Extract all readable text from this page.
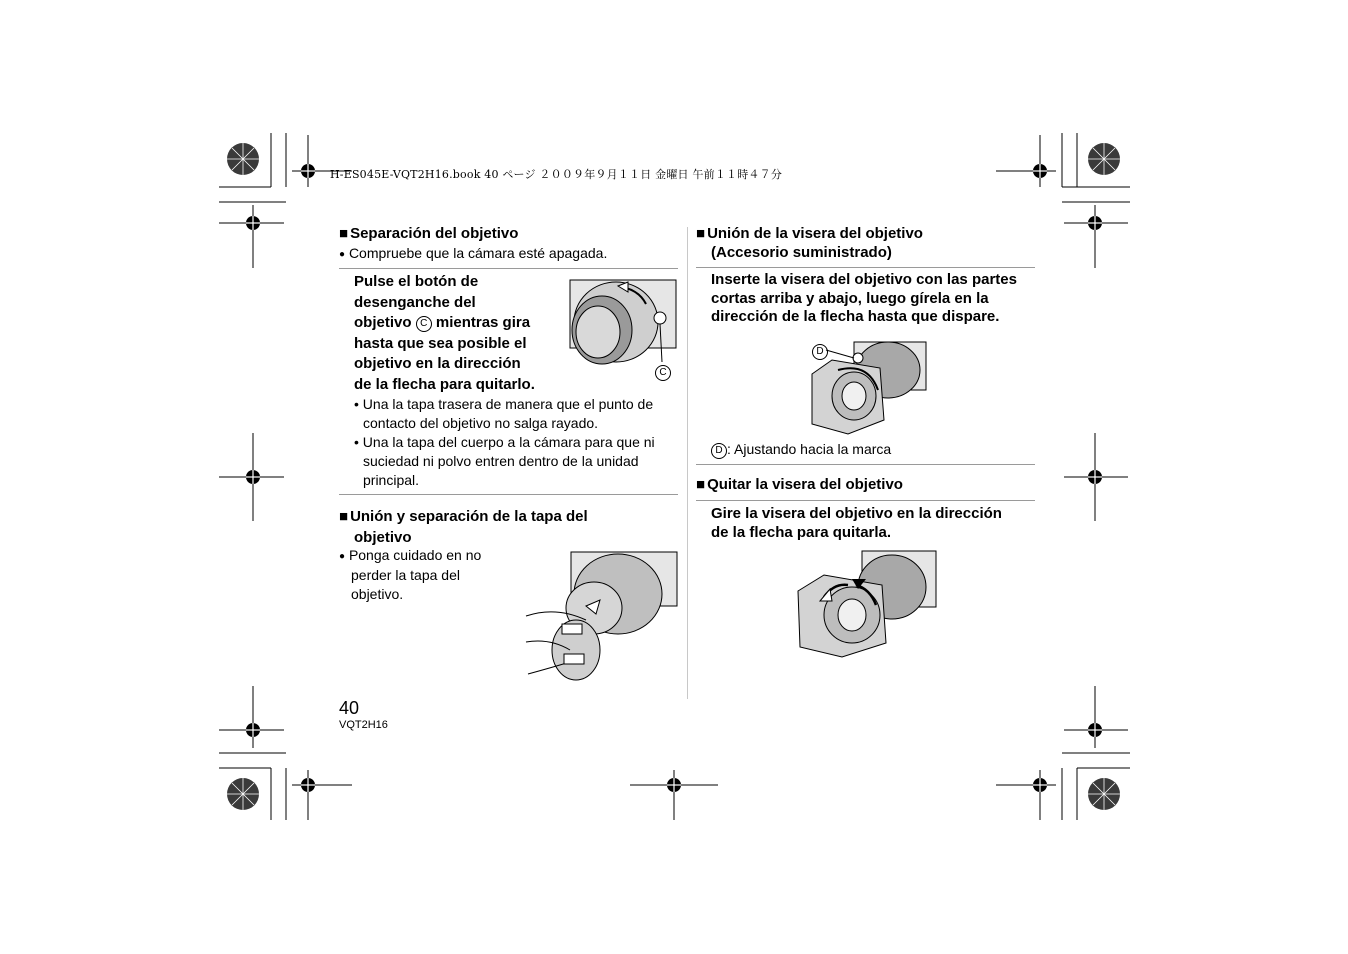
H-ES045E-VQT2H16.book 40 ページ ２００９年９月１１日 金曜日 午前１１時４７分
■ Separación del objetivo
● Compruebe que la cámara esté apagada.
Pulse el botón de
desenganche del
objetivo C mientras gira
hasta que sea posible el
objetivo en la dirección
de la flecha para quitarlo.
C
• Una la tapa trasera de manera que el punto de contacto del objetivo no salga rayado.
• Una la tapa del cuerpo a la cámara para que ni suciedad ni polvo entren dentro de la unidad principal.
■ Unión y separación de la tapa del
objetivo
● Ponga cuidado en no
perder la tapa del
objetivo.
40
VQT2H16
■ Unión de la visera del objetivo
(Accesorio suministrado)
Inserte la visera del objetivo con las partes
cortas arriba y abajo, luego gírela en la
dirección de la flecha hasta que dispare.
D
D : Ajustando hacia la marca
■ Quitar la visera del objetivo
Gire la visera del objetivo en la dirección
de la flecha para quitarla.
